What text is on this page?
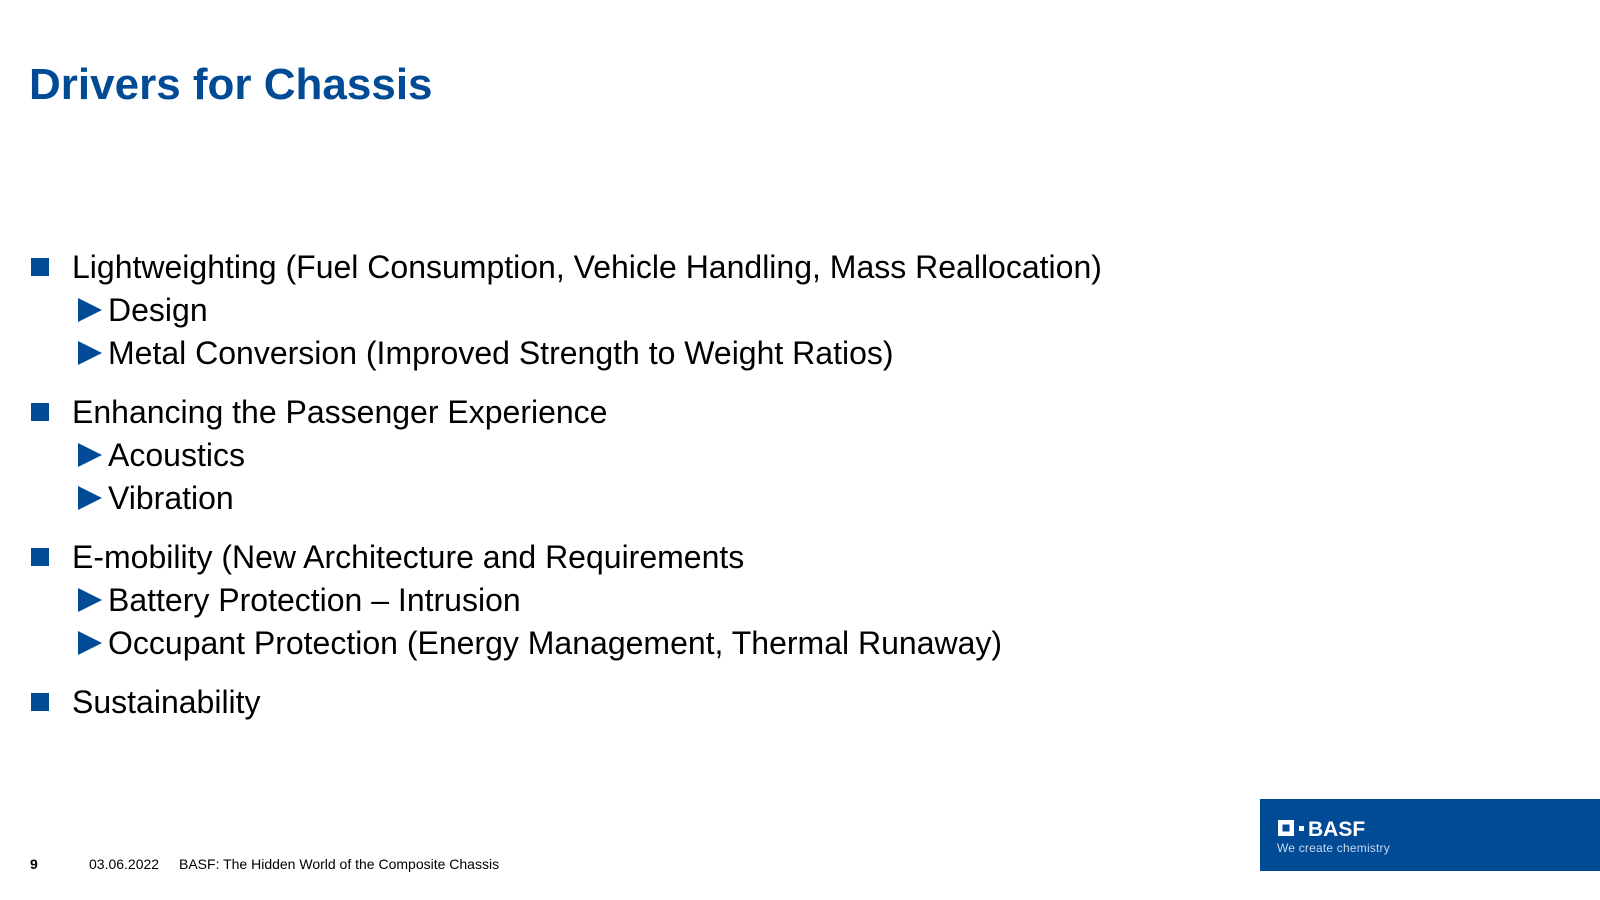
Drivers for Chassis
Lightweighting (Fuel Consumption, Vehicle Handling, Mass Reallocation)
Design
Metal Conversion (Improved Strength to Weight Ratios)
Enhancing the Passenger Experience
Acoustics
Vibration
E-mobility (New Architecture and Requirements
Battery Protection – Intrusion
Occupant Protection (Energy Management, Thermal Runaway)
Sustainability
9	03.06.2022 BASF: The Hidden World of the Composite Chassis
BASF
We create chemistry
